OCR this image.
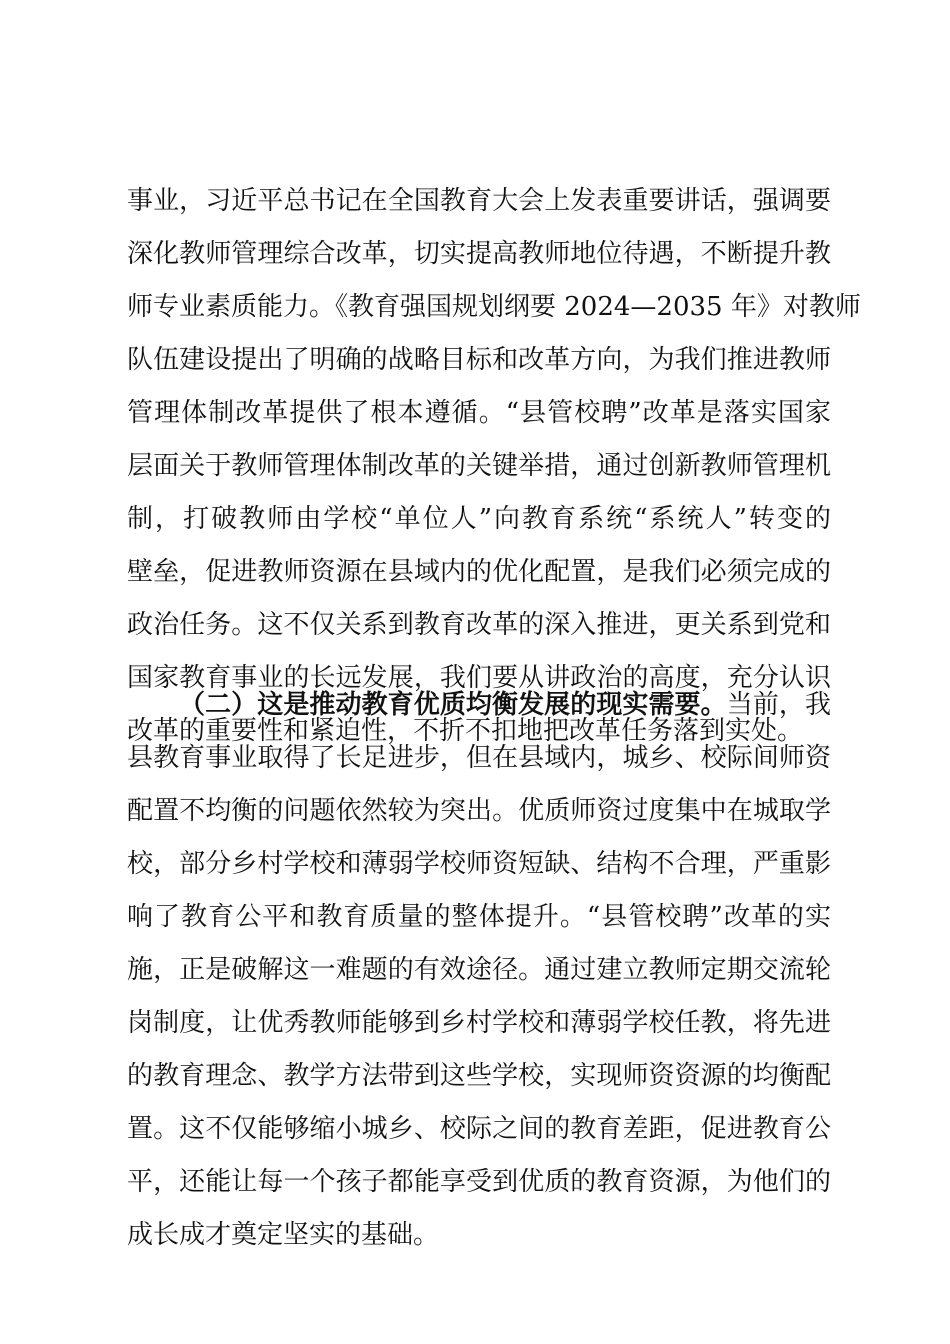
事业，习近平总书记在全国教育大会上发表重要讲话，强调要
深化教师管理综合改革，切实提高教师地位待遇，不断提升教
师专业素质能力。《教育强国规划纲要 2024—2035 年》对教师
队伍建设提出了明确的战略目标和改革方向，为我们推进教师
管理体制改革提供了根本遵循。“县管校聘”改革是落实国家
层面关于教师管理体制改革的关键举措，通过创新教师管理机
制，打破教师由学校“单位人”向教育系统“系统人”转变的
壁垒，促进教师资源在县域内的优化配置，是我们必须完成的
政治任务。这不仅关系到教育改革的深入推进，更关系到党和
国家教育事业的长远发展，我们要从讲政治的高度，充分认识
改革的重要性和紧迫性，不折不扣地把改革任务落到实处。
（二）这是推动教育优质均衡发展的现实需要。当前，我
县教育事业取得了长足进步，但在县域内，城乡、校际间师资
配置不均衡的问题依然较为突出。优质师资过度集中在城取学
校，部分乡村学校和薄弱学校师资短缺、结构不合理，严重影
响了教育公平和教育质量的整体提升。“县管校聘”改革的实
施，正是破解这一难题的有效途径。通过建立教师定期交流轮
岗制度，让优秀教师能够到乡村学校和薄弱学校任教，将先进
的教育理念、教学方法带到这些学校，实现师资资源的均衡配
置。这不仅能够缩小城乡、校际之间的教育差距，促进教育公
平，还能让每一个孩子都能享受到优质的教育资源，为他们的
成长成才奠定坚实的基础。
